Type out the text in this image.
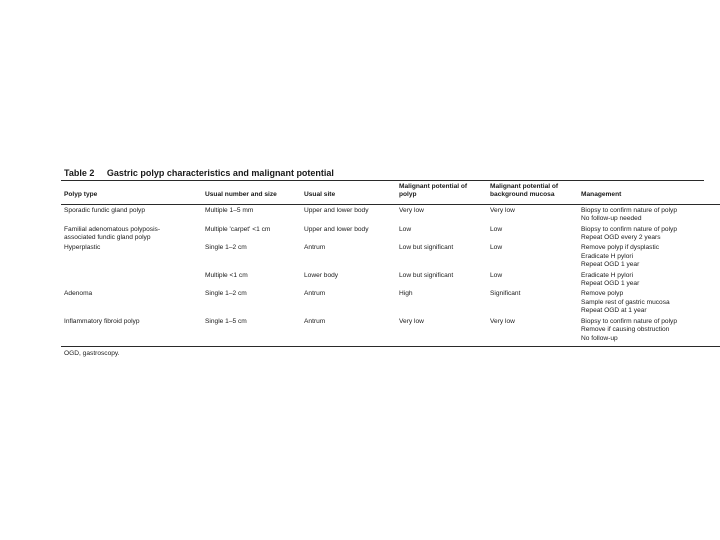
Table 2 Gastric polyp characteristics and malignant potential
Polyp type	Usual number and size	Usual site	Malignant potential of polyp	Malignant potential of background mucosa	Management
Sporadic fundic gland polyp	Multiple 1–5 mm	Upper and lower body	Very low	Very low	Biopsy to confirm nature of polyp
					No follow-up needed
Familial adenomatous polyposis-	Multiple 'carpet' <1 cm	Upper and lower body	Low	Low	Biopsy to confirm nature of polyp
associated fundic gland polyp					Repeat OGD every 2 years
Hyperplastic	Single 1–2 cm	Antrum	Low but significant	Low	Remove polyp if dysplastic
					Eradicate H pylori
					Repeat OGD 1 year
	Multiple <1 cm	Lower body	Low but significant	Low	Eradicate H pylori
					Repeat OGD 1 year
Adenoma	Single 1–2 cm	Antrum	High	Significant	Remove polyp
					Sample rest of gastric mucosa
					Repeat OGD at 1 year
Inflammatory fibroid polyp	Single 1–5 cm	Antrum	Very low	Very low	Biopsy to confirm nature of polyp
					Remove if causing obstruction
					No follow-up
OGD, gastroscopy.
